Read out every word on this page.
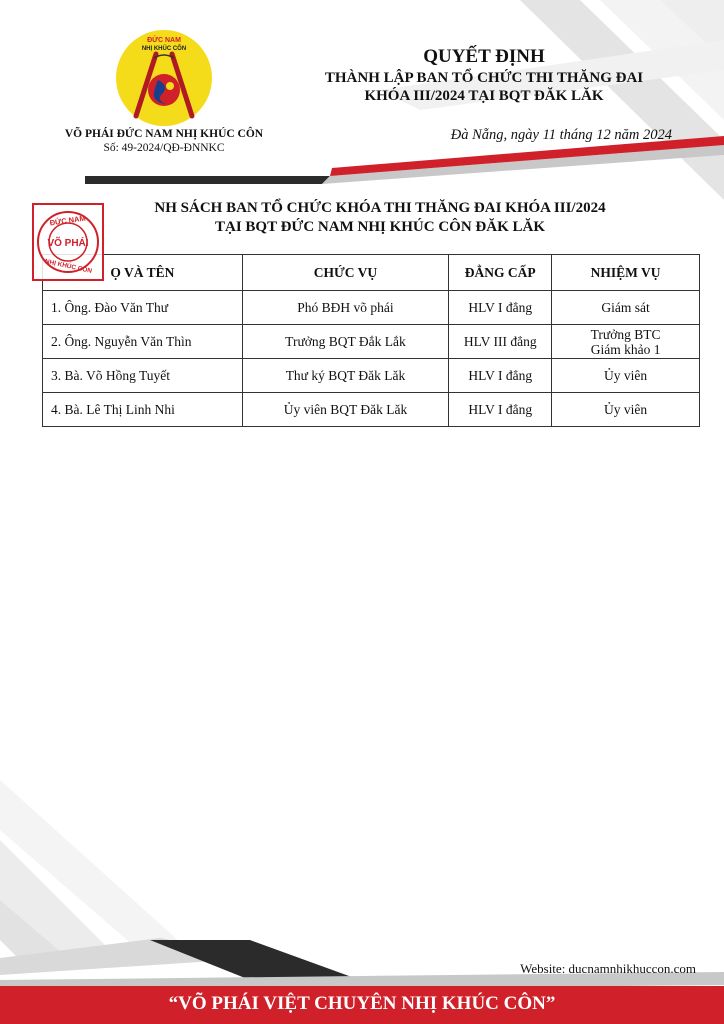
ĐỨC NAM
NHỊ KHÚC CÔN
VÕ PHÁI ĐỨC NAM NHỊ KHÚC CÔN
Số: 49-2024/QĐ-ĐNNKC
QUYẾT ĐỊNH
THÀNH LẬP BAN TỔ CHỨC THI THĂNG ĐAI
KHÓA III/2024 TẠI BQT ĐĂK LĂK
Đà Nẵng, ngày 11 tháng 12 năm 2024
ĐỨC NAM
VÕ PHÁI
NHỊ KHÚC CÔN
NH SÁCH BAN TỔ CHỨC KHÓA THI THĂNG ĐAI KHÓA III/2024
TẠI BQT ĐỨC NAM NHỊ KHÚC CÔN ĐĂK LĂK
Ọ VÀ TÊN	CHỨC VỤ	ĐẲNG CẤP	NHIỆM VỤ
1. Ông. Đào Văn Thư	Phó BĐH võ phái	HLV I đẳng	Giám sát
2. Ông. Nguyễn Văn Thìn	Trưởng BQT Đắk Lắk	HLV III đẳng	Trưởng BTC
Giám khảo 1

3. Bà. Võ Hồng Tuyết	Thư ký BQT Đăk Lăk	HLV I đẳng	Ủy viên
4. Bà. Lê Thị Linh Nhi	Ủy viên BQT Đăk Lăk	HLV I đẳng	Ủy viên
Website: ducnamnhikhuccon.com
“VÕ PHÁI VIỆT CHUYÊN NHỊ KHÚC CÔN”
